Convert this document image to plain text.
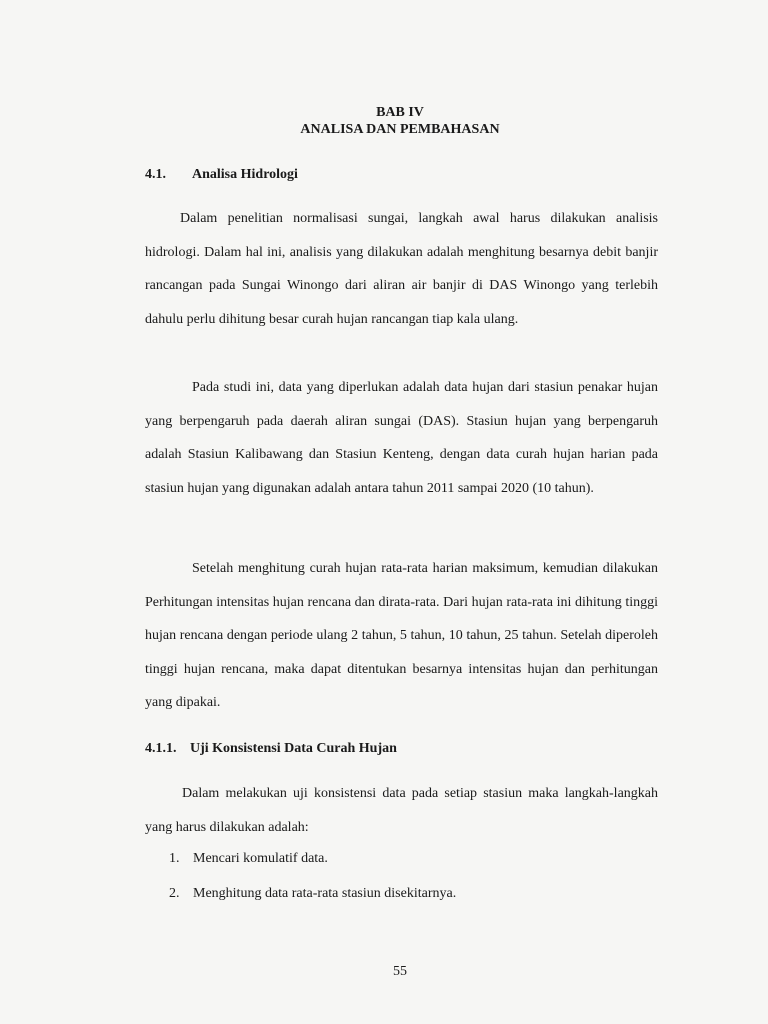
BAB IV
ANALISA DAN PEMBAHASAN
4.1. Analisa Hidrologi

Dalam penelitian normalisasi sungai, langkah awal harus dilakukan analisis hidrologi. Dalam hal ini, analisis yang dilakukan adalah menghitung besarnya debit banjir rancangan pada Sungai Winongo dari aliran air banjir di DAS Winongo yang terlebih dahulu perlu dihitung besar curah hujan rancangan tiap kala ulang.

Pada studi ini, data yang diperlukan adalah data hujan dari stasiun penakar hujan yang berpengaruh pada daerah aliran sungai (DAS). Stasiun hujan yang berpengaruh adalah Stasiun Kalibawang dan Stasiun Kenteng, dengan data curah hujan harian pada stasiun hujan yang digunakan adalah antara tahun 2011 sampai 2020 (10 tahun).

Setelah menghitung curah hujan rata-rata harian maksimum, kemudian dilakukan Perhitungan intensitas hujan rencana dan dirata-rata. Dari hujan rata-rata ini dihitung tinggi hujan rencana dengan periode ulang 2 tahun, 5 tahun, 10 tahun, 25 tahun. Setelah diperoleh tinggi hujan rencana, maka dapat ditentukan besarnya intensitas hujan dan perhitungan yang dipakai.

4.1.1. Uji Konsistensi Data Curah Hujan

Dalam melakukan uji konsistensi data pada setiap stasiun maka langkah-langkah yang harus dilakukan adalah:

1. Mencari komulatif data.
2. Menghitung data rata-rata stasiun disekitarnya.
55
